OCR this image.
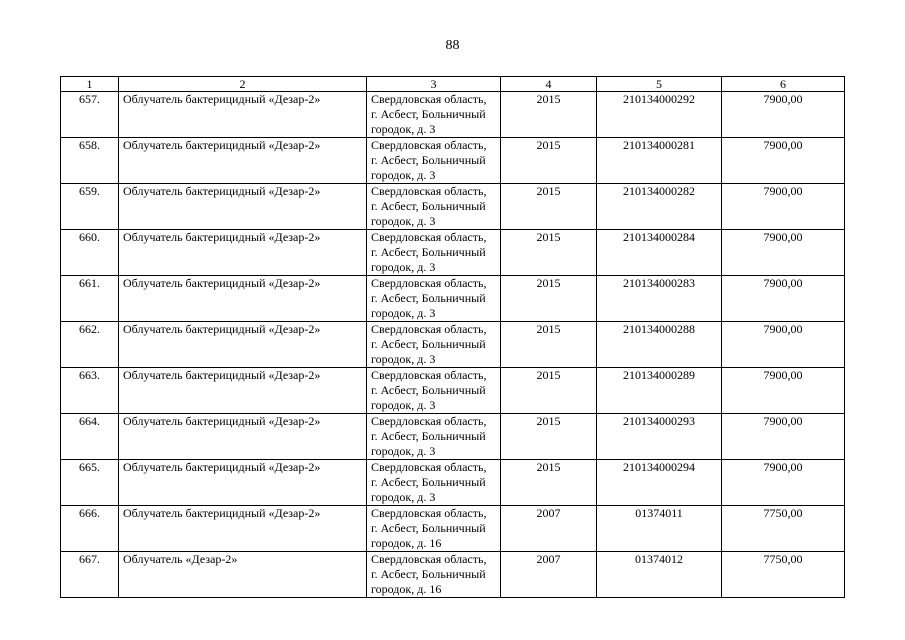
88
1	2	3	4	5	6
657.	Облучатель бактерицидный «Дезар-2»	Свердловская область,
г. Асбест, Больничный
городок, д. 3	2015	210134000292	7900,00
658.	Облучатель бактерицидный «Дезар-2»	Свердловская область,
г. Асбест, Больничный
городок, д. 3	2015	210134000281	7900,00
659.	Облучатель бактерицидный «Дезар-2»	Свердловская область,
г. Асбест, Больничный
городок, д. 3	2015	210134000282	7900,00
660.	Облучатель бактерицидный «Дезар-2»	Свердловская область,
г. Асбест, Больничный
городок, д. 3	2015	210134000284	7900,00
661.	Облучатель бактерицидный «Дезар-2»	Свердловская область,
г. Асбест, Больничный
городок, д. 3	2015	210134000283	7900,00
662.	Облучатель бактерицидный «Дезар-2»	Свердловская область,
г. Асбест, Больничный
городок, д. 3	2015	210134000288	7900,00
663.	Облучатель бактерицидный «Дезар-2»	Свердловская область,
г. Асбест, Больничный
городок, д. 3	2015	210134000289	7900,00
664.	Облучатель бактерицидный «Дезар-2»	Свердловская область,
г. Асбест, Больничный
городок, д. 3	2015	210134000293	7900,00
665.	Облучатель бактерицидный «Дезар-2»	Свердловская область,
г. Асбест, Больничный
городок, д. 3	2015	210134000294	7900,00
666.	Облучатель бактерицидный «Дезар-2»	Свердловская область,
г. Асбест, Больничный
городок, д. 16	2007	01374011	7750,00
667.	Облучатель «Дезар-2»	Свердловская область,
г. Асбест, Больничный
городок, д. 16	2007	01374012	7750,00
